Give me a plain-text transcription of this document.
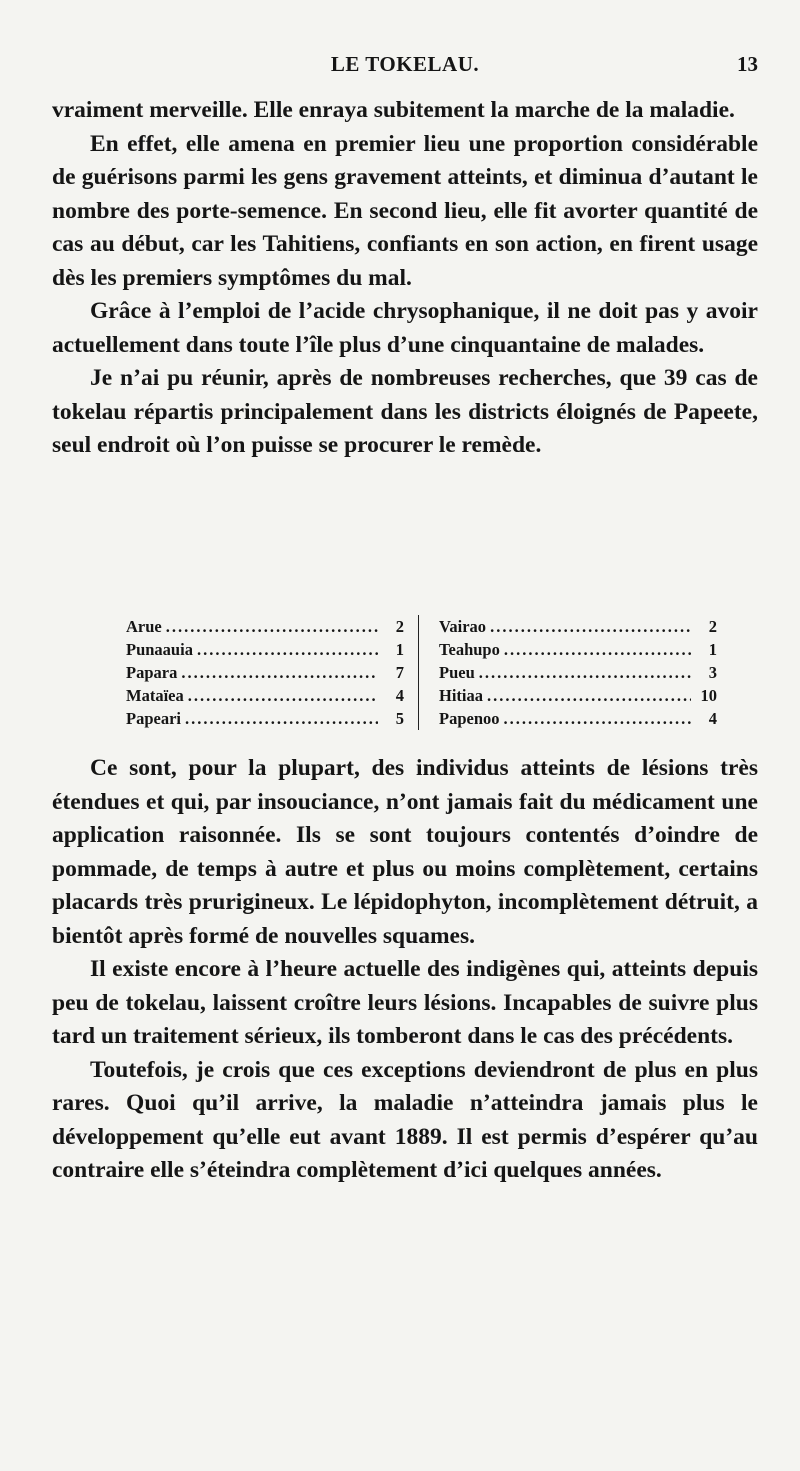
LE TOKELAU.	13

vraiment merveille. Elle enraya subitement la marche de la maladie.

En effet, elle amena en premier lieu une proportion considérable de guérisons parmi les gens gravement atteints, et diminua d’autant le nombre des porte-semence. En second lieu, elle fit avorter quantité de cas au début, car les Tahitiens, confiants en son action, en firent usage dès les premiers symptômes du mal.

Grâce à l’emploi de l’acide chrysophanique, il ne doit pas y avoir actuellement dans toute l’île plus d’une cinquantaine de malades.

Je n’ai pu réunir, après de nombreuses recherches, que 39 cas de tokelau répartis principalement dans les districts éloignés de Papeete, seul endroit où l’on puisse se procurer le remède.

Arue .....	2
Punaauia .....	1
Papara .....	7
Mataïea .....	4
Papeari .....	5
Vairao .....	2
Teahupo .....	1
Pueu .....	3
Hitiaa .....	10
Papenoo .....	4

Ce sont, pour la plupart, des individus atteints de lésions très étendues et qui, par insouciance, n’ont jamais fait du médicament une application raisonnée. Ils se sont toujours contentés d’oindre de pommade, de temps à autre et plus ou moins complètement, certains placards très prurigineux. Le lépidophyton, incomplètement détruit, a bientôt après formé de nouvelles squames.

Il existe encore à l’heure actuelle des indigènes qui, atteints depuis peu de tokelau, laissent croître leurs lésions. Incapables de suivre plus tard un traitement sérieux, ils tomberont dans le cas des précédents.

Toutefois, je crois que ces exceptions deviendront de plus en plus rares. Quoi qu’il arrive, la maladie n’atteindra jamais plus le développement qu’elle eut avant 1889. Il est permis d’espérer qu’au contraire elle s’éteindra complètement d’ici quelques années.
